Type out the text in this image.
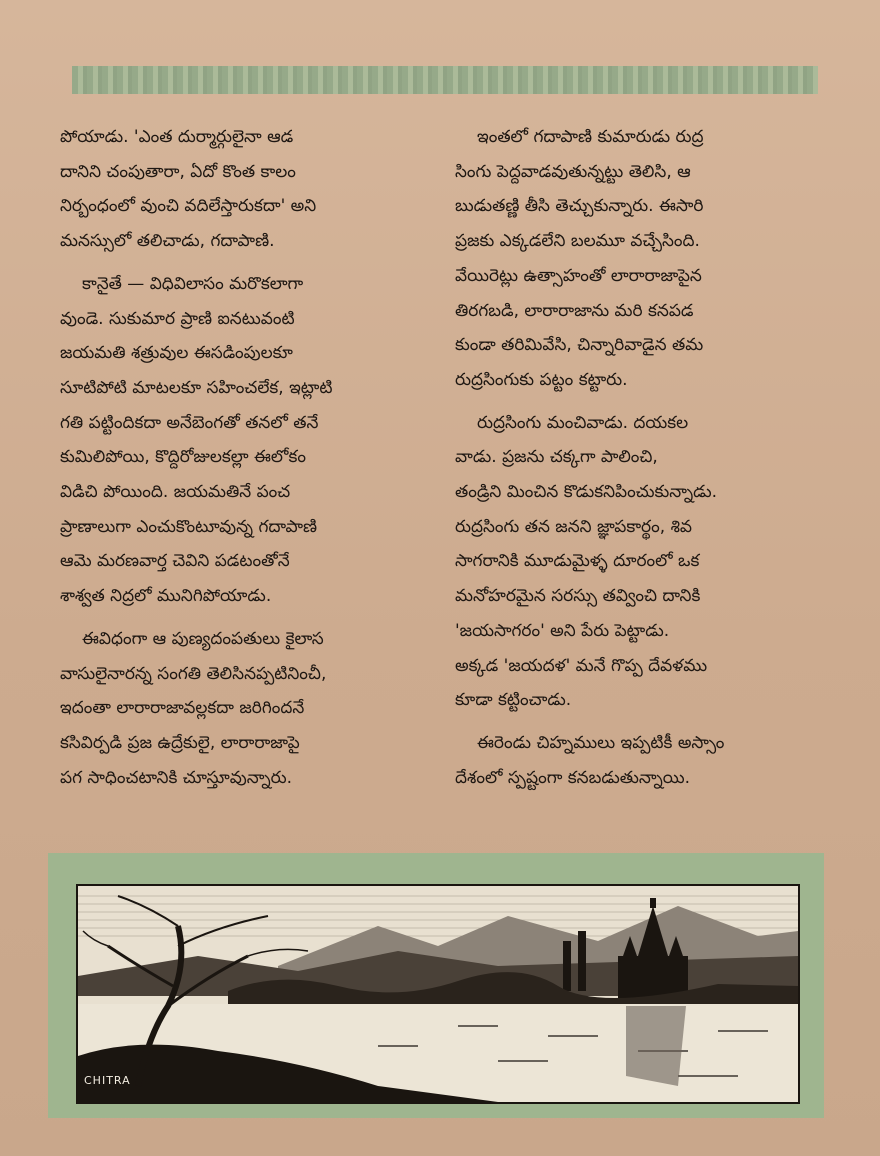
పోయాడు. 'ఎంత దుర్మార్గులైనా ఆడ
దానిని చంపుతారా, ఏదో కొంత కాలం
నిర్బంధంలో వుంచి వదిలేస్తారుకదా' అని
మనస్సులో తలిచాడు, గదాపాణి.

కానైతే — విధివిలాసం మరొకలాగా
వుండె. సుకుమార ప్రాణి ఐనటువంటి
జయమతి శత్రువుల ఈసడింపులకూ
సూటిపోటి మాటలకూ సహించలేక, ఇట్లాటి
గతి పట్టిందికదా అనేబెంగతో తనలో తనే
కుమిలిపోయి, కొద్దిరోజులకల్లా ఈలోకం
విడిచి పోయింది. జయమతినే పంచ
ప్రాణాలుగా ఎంచుకొంటూవున్న గదాపాణి
ఆమె మరణవార్త చెవిని పడటంతోనే
శాశ్వత నిద్రలో మునిగిపోయాడు.

ఈవిధంగా ఆ పుణ్యదంపతులు కైలాస
వాసులైనారన్న సంగతి తెలిసినప్పటినించీ,
ఇదంతా లారారాజావల్లకదా జరిగిందనే
కసివిర్పడి ప్రజ ఉద్రేకులై, లారారాజాపై
పగ సాధించటానికి చూస్తూవున్నారు.

ఇంతలో గదాపాణి కుమారుడు రుద్ర
సింగు పెద్దవాడవుతున్నట్టు తెలిసి, ఆ
బుడుతణ్ణి తీసి తెచ్చుకున్నారు. ఈసారి
ప్రజకు ఎక్కడలేని బలమూ వచ్చేసింది.
వేయిరెట్లు ఉత్సాహంతో లారారాజాపైన
తిరగబడి, లారారాజాను మరి కనపడ
కుండా తరిమివేసి, చిన్నారివాడైన తమ
రుద్రసింగుకు పట్టం కట్టారు.

రుద్రసింగు మంచివాడు. దయకల
వాడు. ప్రజను చక్కగా పాలించి,
తండ్రిని మించిన కొడుకనిపించుకున్నాడు.
రుద్రసింగు తన జనని జ్ఞాపకార్థం, శివ
సాగరానికి మూడుమైళ్ళ దూరంలో ఒక
మనోహరమైన సరస్సు తవ్వించి దానికి
'జయసాగరం' అని పేరు పెట్టాడు.
అక్కడ 'జయదళ' మనే గొప్ప దేవళము
కూడా కట్టించాడు.

ఈరెండు చిహ్నములు ఇప్పటికీ అస్సాం
దేశంలో స్పష్టంగా కనబడుతున్నాయి.

CHITRA
